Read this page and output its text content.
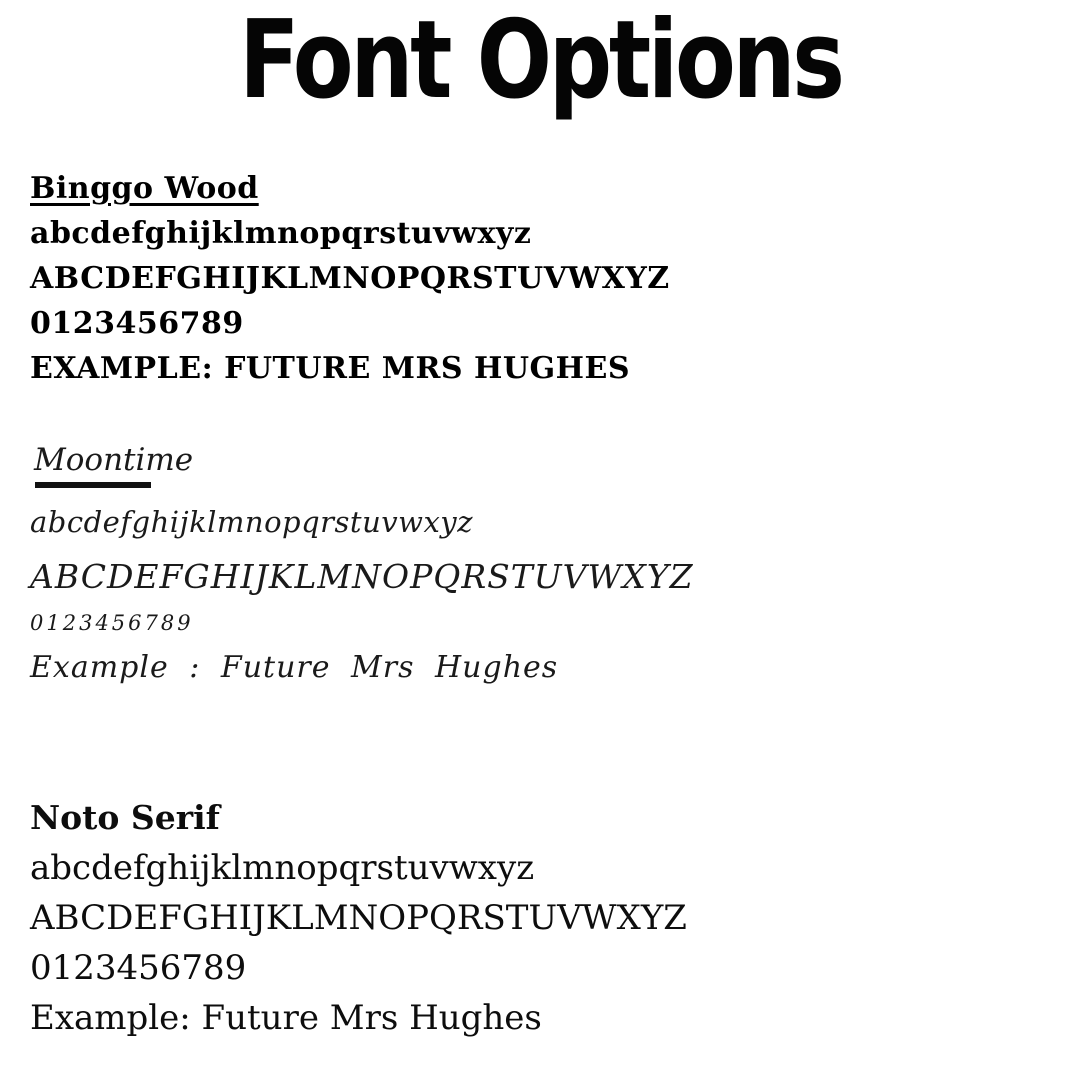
Font Options
Binggo Wood
abcdefghijklmnopqrstuvwxyz
ABCDEFGHIJKLMNOPQRSTUVWXYZ
0123456789
EXAMPLE: FUTURE MRS HUGHES
Moontime
abcdefghijklmnopqrstuvwxyz
ABCDEFGHIJKLMNOPQRSTUVWXYZ
0123456789
Example : Future Mrs Hughes
Noto Serif
abcdefghijklmnopqrstuvwxyz
ABCDEFGHIJKLMNOPQRSTUVWXYZ
0123456789
Example: Future Mrs Hughes
